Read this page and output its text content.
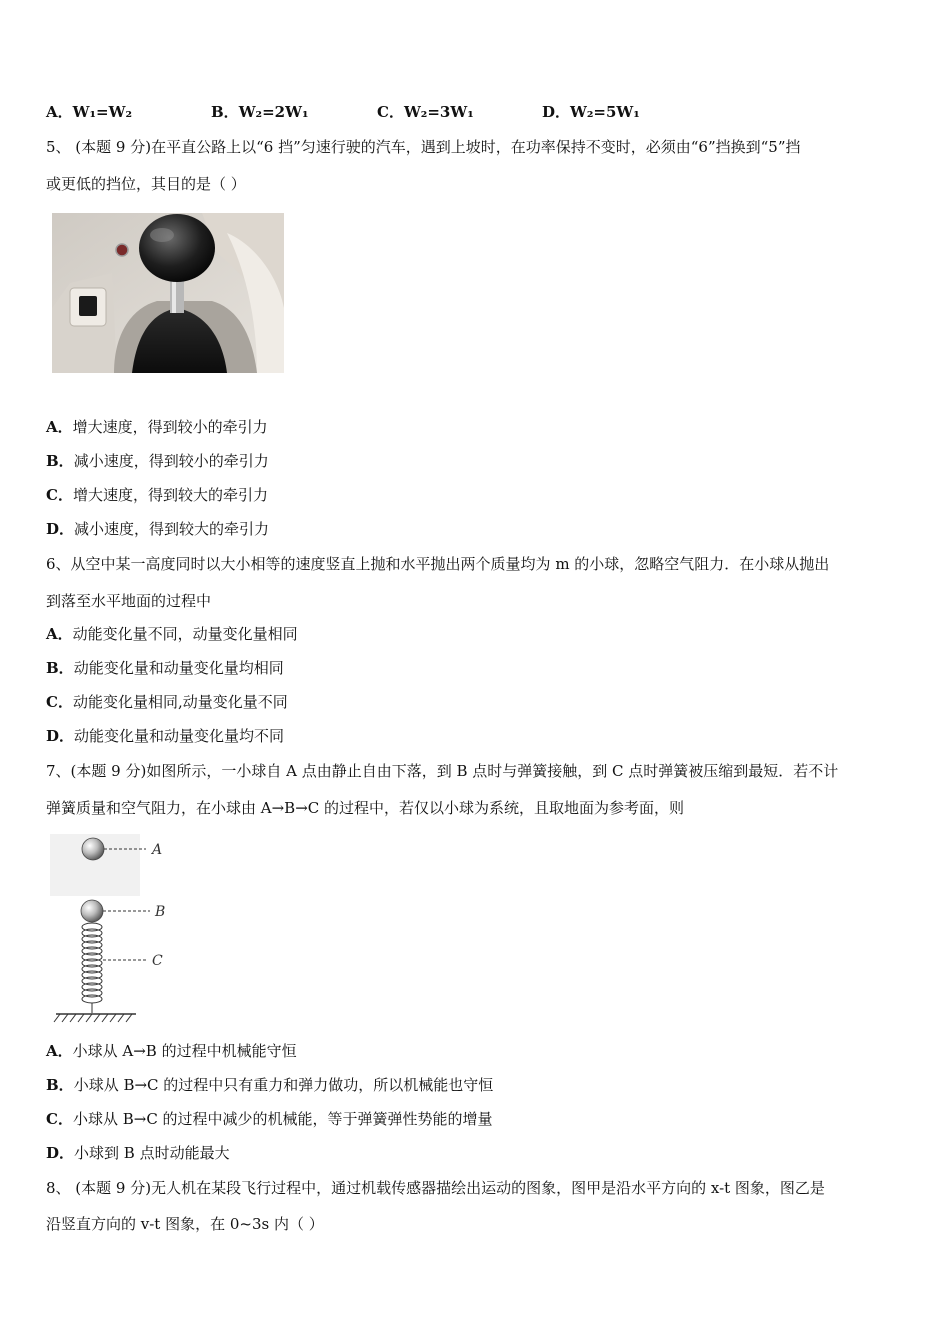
A．W₁=W₂	B．W₂=2W₁	C．W₂=3W₁	D．W₂=5W₁
5、 (本题 9 分)在平直公路上以“6 挡”匀速行驶的汽车，遇到上坡时，在功率保持不变时，必须由“6”挡换到“5”挡
或更低的挡位，其目的是（ ）
A．增大速度，得到较小的牵引力
B．减小速度，得到较小的牵引力
C．增大速度，得到较大的牵引力
D．减小速度，得到较大的牵引力
6、从空中某一高度同时以大小相等的速度竖直上抛和水平抛出两个质量均为 m 的小球，忽略空气阻力．在小球从抛出
到落至水平地面的过程中
A．动能变化量不同，动量变化量相同
B．动能变化量和动量变化量均相同
C．动能变化量相同,动量变化量不同
D．动能变化量和动量变化量均不同
7、(本题 9 分)如图所示，一小球自 A 点由静止自由下落，到 B 点时与弹簧接触，到 C 点时弹簧被压缩到最短．若不计
弹簧质量和空气阻力，在小球由 A→B→C 的过程中，若仅以小球为系统，且取地面为参考面，则
A
B
C
A．小球从 A→B 的过程中机械能守恒
B．小球从 B→C 的过程中只有重力和弹力做功，所以机械能也守恒
C．小球从 B→C 的过程中减少的机械能，等于弹簧弹性势能的增量
D．小球到 B 点时动能最大
8、 (本题 9 分)无人机在某段飞行过程中，通过机载传感器描绘出运动的图象，图甲是沿水平方向的 x-t 图象，图乙是
沿竖直方向的 v-t 图象，在 0~3s 内（ ）
